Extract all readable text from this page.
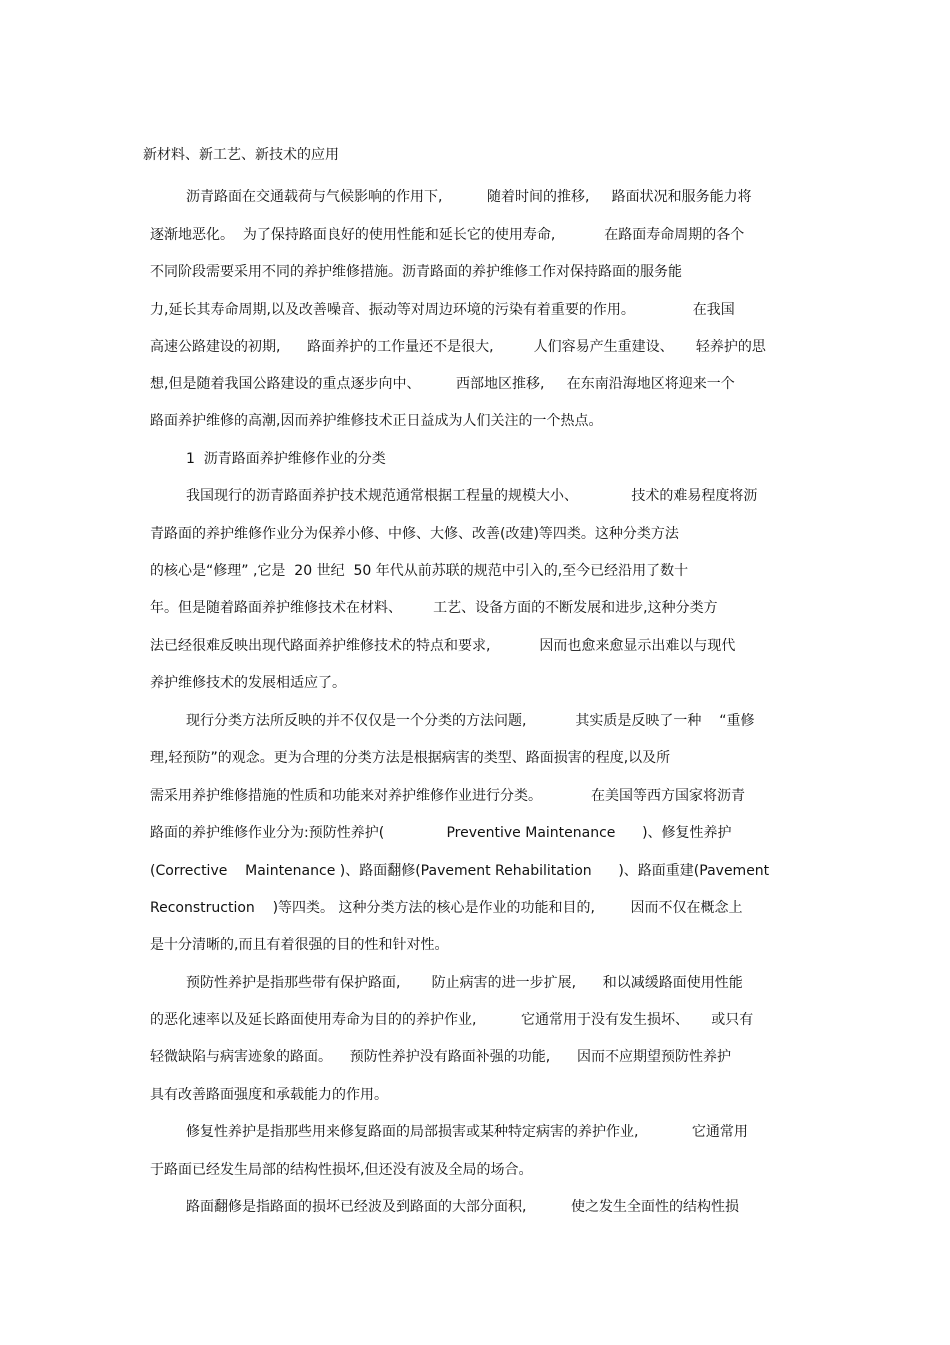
新材料、新工艺、新技术的应用
沥青路面在交通载荷与气候影响的作用下,          随着时间的推移,     路面状况和服务能力将
逐渐地恶化。  为了保持路面良好的使用性能和延长它的使用寿命,           在路面寿命周期的各个
不同阶段需要采用不同的养护维修措施。沥青路面的养护维修工作对保持路面的服务能
力,延长其寿命周期,以及改善噪音、振动等对周边环境的污染有着重要的作用。             在我国
高速公路建设的初期,      路面养护的工作量还不是很大,         人们容易产生重建设、     轻养护的思
想,但是随着我国公路建设的重点逐步向中、        西部地区推移,     在东南沿海地区将迎来一个
路面养护维修的高潮,因而养护维修技术正日益成为人们关注的一个热点。
1  沥青路面养护维修作业的分类
我国现行的沥青路面养护技术规范通常根据工程量的规模大小、            技术的难易程度将沥
青路面的养护维修作业分为保养小修、中修、大修、改善(改建)等四类。这种分类方法
的核心是“修理” ,它是  20 世纪  50 年代从前苏联的规范中引入的,至今已经沿用了数十
年。但是随着路面养护维修技术在材料、       工艺、设备方面的不断发展和进步,这种分类方
法已经很难反映出现代路面养护维修技术的特点和要求,           因而也愈来愈显示出难以与现代
养护维修技术的发展相适应了。
现行分类方法所反映的并不仅仅是一个分类的方法问题,           其实质是反映了一种    “重修
理,轻预防”的观念。更为合理的分类方法是根据病害的类型、路面损害的程度,以及所
需采用养护维修措施的性质和功能来对养护维修作业进行分类。           在美国等西方国家将沥青
路面的养护维修作业分为:预防性养护(              Preventive Maintenance      )、修复性养护
(Corrective    Maintenance )、路面翻修(Pavement Rehabilitation      )、路面重建(Pavement
Reconstruction    )等四类。 这种分类方法的核心是作业的功能和目的,        因而不仅在概念上
是十分清晰的,而且有着很强的目的性和针对性。
预防性养护是指那些带有保护路面,       防止病害的进一步扩展,      和以减缓路面使用性能
的恶化速率以及延长路面使用寿命为目的的养护作业,          它通常用于没有发生损坏、     或只有
轻微缺陷与病害迹象的路面。    预防性养护没有路面补强的功能,      因而不应期望预防性养护
具有改善路面强度和承载能力的作用。
修复性养护是指那些用来修复路面的局部损害或某种特定病害的养护作业,            它通常用
于路面已经发生局部的结构性损坏,但还没有波及全局的场合。
路面翻修是指路面的损坏已经波及到路面的大部分面积,          使之发生全面性的结构性损
